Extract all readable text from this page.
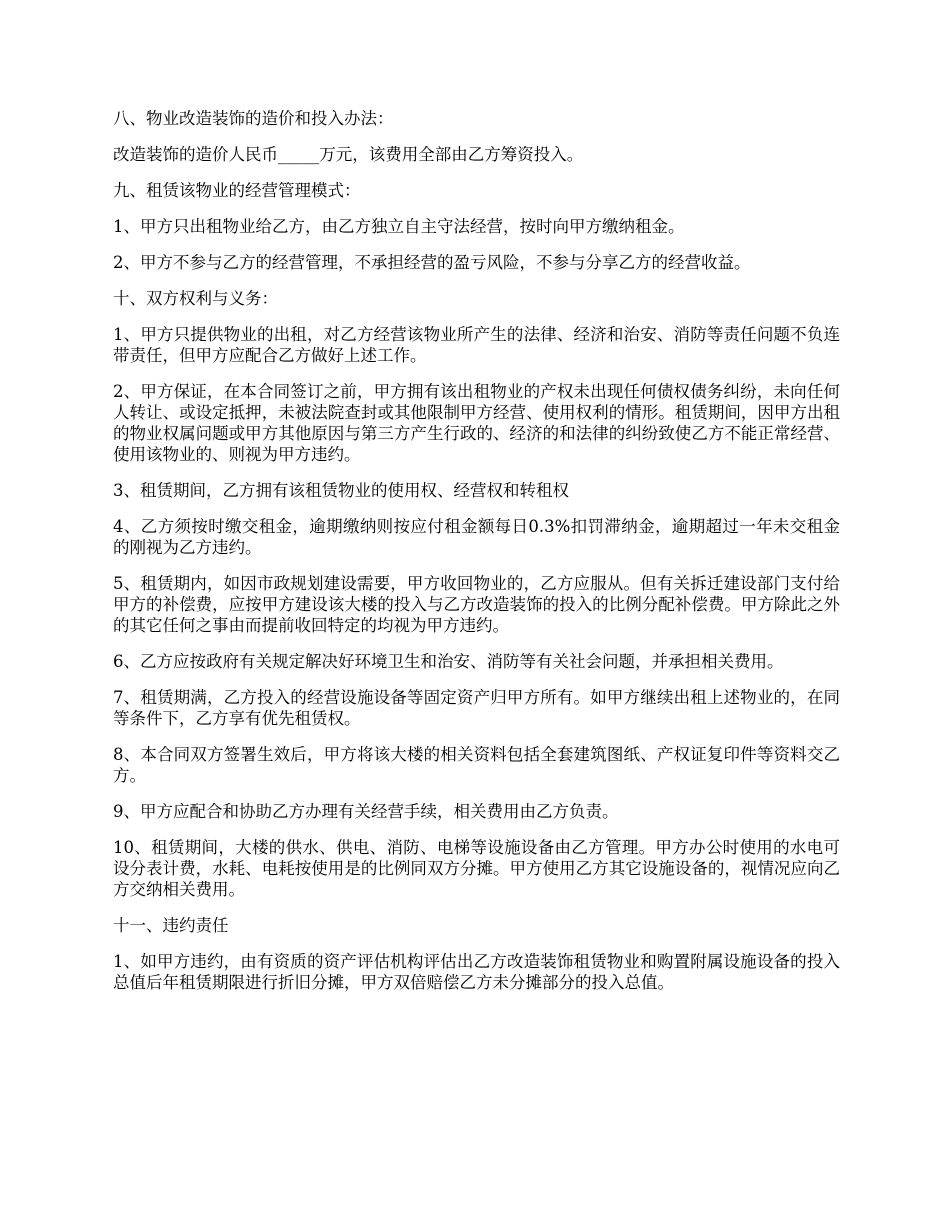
八、物业改造装饰的造价和投入办法：

改造装饰的造价人民币_____万元，该费用全部由乙方筹资投入。

九、租赁该物业的经营管理模式：

1、甲方只出租物业给乙方，由乙方独立自主守法经营，按时向甲方缴纳租金。

2、甲方不参与乙方的经营管理，不承担经营的盈亏风险，不参与分享乙方的经营收益。

十、双方权利与义务：

1、甲方只提供物业的出租，对乙方经营该物业所产生的法律、经济和治安、消防等责任问题不负连带责任，但甲方应配合乙方做好上述工作。

2、甲方保证，在本合同签订之前，甲方拥有该出租物业的产权未出现任何债权债务纠纷，未向任何人转让、或设定抵押，未被法院查封或其他限制甲方经营、使用权利的情形。租赁期间，因甲方出租的物业权属问题或甲方其他原因与第三方产生行政的、经济的和法律的纠纷致使乙方不能正常经营、使用该物业的、则视为甲方违约。

3、租赁期间，乙方拥有该租赁物业的使用权、经营权和转租权

4、乙方须按时缴交租金，逾期缴纳则按应付租金额每日0.3%扣罚滞纳金，逾期超过一年未交租金的刚视为乙方违约。

5、租赁期内，如因市政规划建设需要，甲方收回物业的，乙方应服从。但有关拆迁建设部门支付给甲方的补偿费，应按甲方建设该大楼的投入与乙方改造装饰的投入的比例分配补偿费。甲方除此之外的其它任何之事由而提前收回特定的均视为甲方违约。

6、乙方应按政府有关规定解决好环境卫生和治安、消防等有关社会问题，并承担相关费用。

7、租赁期满，乙方投入的经营设施设备等固定资产归甲方所有。如甲方继续出租上述物业的，在同等条件下，乙方享有优先租赁权。

8、本合同双方签署生效后，甲方将该大楼的相关资料包括全套建筑图纸、产权证复印件等资料交乙方。

9、甲方应配合和协助乙方办理有关经营手续，相关费用由乙方负责。

10、租赁期间，大楼的供水、供电、消防、电梯等设施设备由乙方管理。甲方办公时使用的水电可设分表计费，水耗、电耗按使用是的比例同双方分摊。甲方使用乙方其它设施设备的，视情况应向乙方交纳相关费用。

十一、违约责任

1、如甲方违约，由有资质的资产评估机构评估出乙方改造装饰租赁物业和购置附属设施设备的投入总值后年租赁期限进行折旧分摊，甲方双倍赔偿乙方未分摊部分的投入总值。
